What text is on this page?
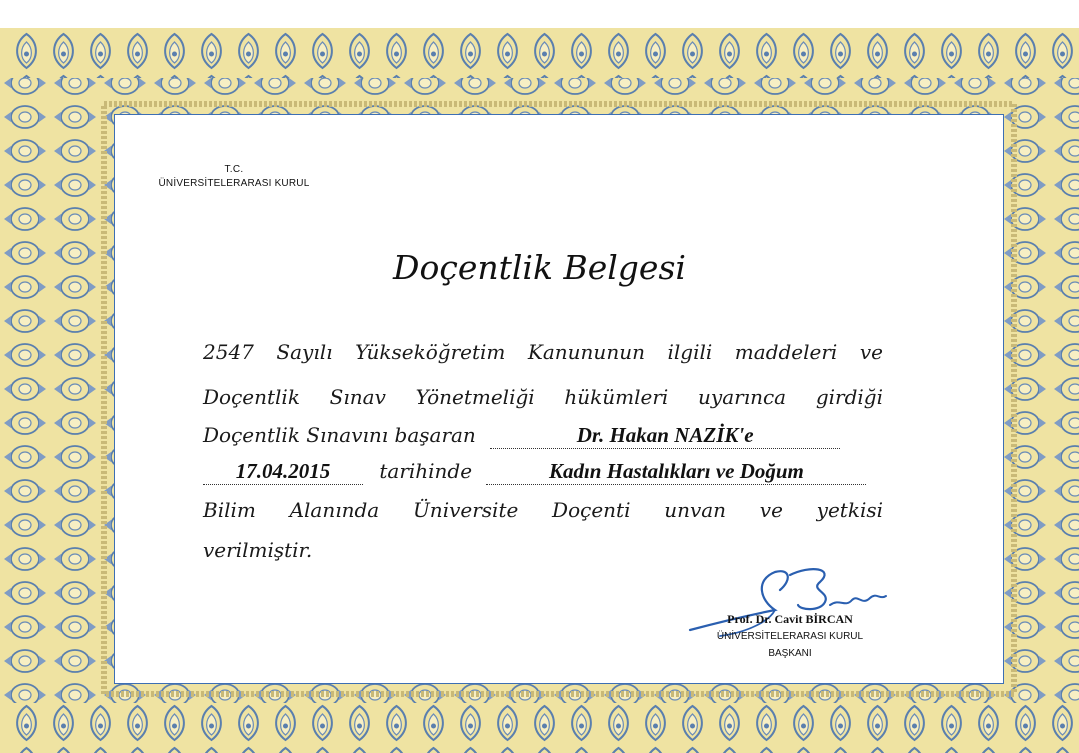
T.C.
ÜNİVERSİTELERARASI KURUL
Doçentlik Belgesi
2547 Sayılı Yükseköğretim Kanununun ilgili maddeleri ve
Doçentlik Sınav Yönetmeliği hükümleri uyarınca girdiği
Doçentlik Sınavını başaran	Dr. Hakan NAZİK'e
17.04.2015 tarihinde	Kadın Hastalıkları ve Doğum
Bilim Alanında Üniversite Doçenti unvan ve yetkisi
verilmiştir.
Prof. Dr. Cavit BİRCAN
ÜNİVERSİTELERARASI KURUL
BAŞKANI
